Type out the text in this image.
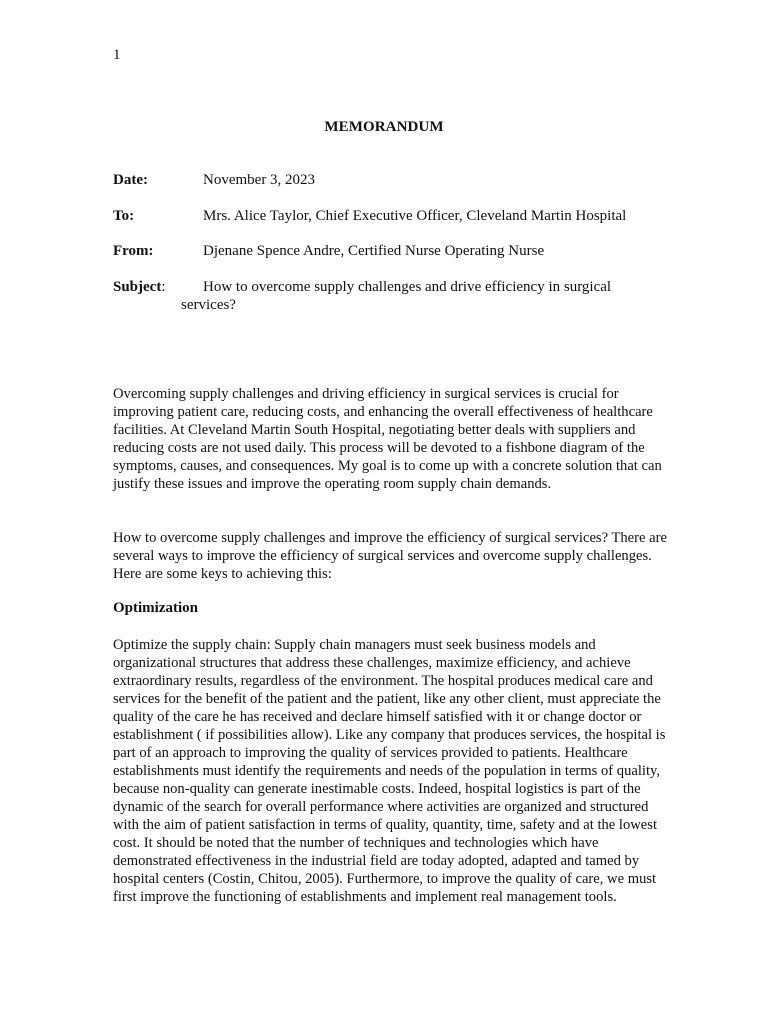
1
MEMORANDUM
Date:	November 3, 2023
To:	Mrs. Alice Taylor, Chief Executive Officer, Cleveland Martin Hospital
From:	Djenane Spence Andre, Certified Nurse Operating Nurse
Subject: How to overcome supply challenges and drive efficiency in surgical
services?

Overcoming supply challenges and driving efficiency in surgical services is crucial for improving patient care, reducing costs, and enhancing the overall effectiveness of healthcare facilities. At Cleveland Martin South Hospital, negotiating better deals with suppliers and reducing costs are not used daily. This process will be devoted to a fishbone diagram of the symptoms, causes, and consequences. My goal is to come up with a concrete solution that can justify these issues and improve the operating room supply chain demands.

How to overcome supply challenges and improve the efficiency of surgical services? There are several ways to improve the efficiency of surgical services and overcome supply challenges. Here are some keys to achieving this:

Optimization

Optimize the supply chain: Supply chain managers must seek business models and organizational structures that address these challenges, maximize efficiency, and achieve extraordinary results, regardless of the environment. The hospital produces medical care and services for the benefit of the patient and the patient, like any other client, must appreciate the quality of the care he has received and declare himself satisfied with it or change doctor or establishment ( if possibilities allow). Like any company that produces services, the hospital is part of an approach to improving the quality of services provided to patients. Healthcare establishments must identify the requirements and needs of the population in terms of quality, because non-quality can generate inestimable costs. Indeed, hospital logistics is part of the dynamic of the search for overall performance where activities are organized and structured with the aim of patient satisfaction in terms of quality, quantity, time, safety and at the lowest cost. It should be noted that the number of techniques and technologies which have demonstrated effectiveness in the industrial field are today adopted, adapted and tamed by hospital centers (Costin, Chitou, 2005). Furthermore, to improve the quality of care, we must first improve the functioning of establishments and implement real management tools.
